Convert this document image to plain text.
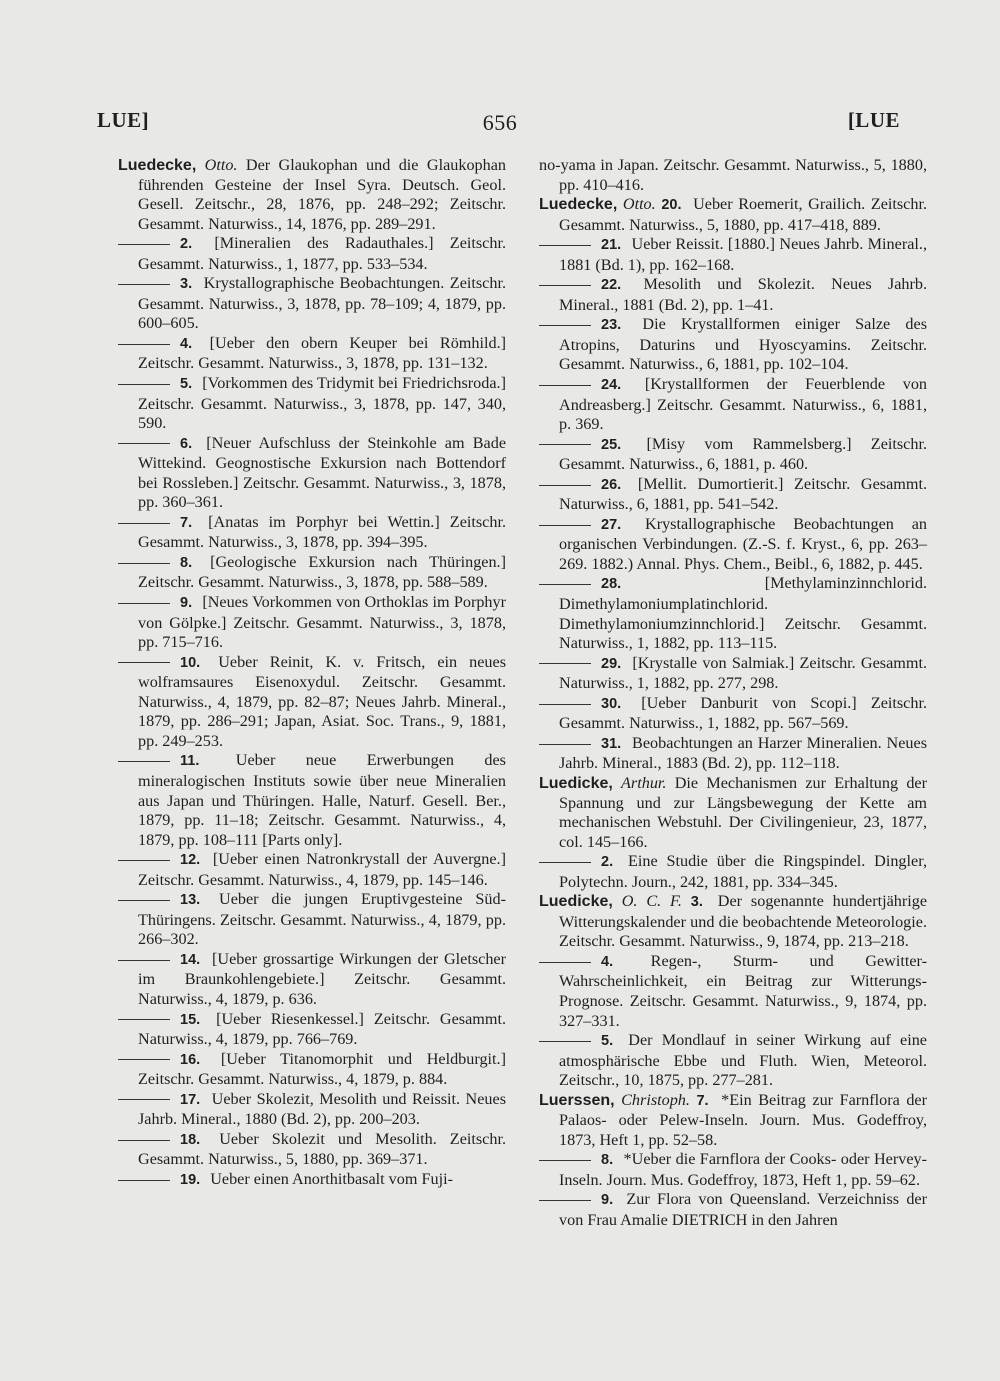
LUE]	656	[LUE

Luedecke, Otto. Der Glaukophan und die Glaukophan führenden Gesteine der Insel Syra. Deutsch. Geol. Gesell. Zeitschr., 28, 1876, pp. 248–292; Zeitschr. Gesammt. Naturwiss., 14, 1876, pp. 289–291.

2. [Mineralien des Radauthales.] Zeitschr. Gesammt. Naturwiss., 1, 1877, pp. 533–534.

3. Krystallographische Beobachtungen. Zeitschr. Gesammt. Naturwiss., 3, 1878, pp. 78–109; 4, 1879, pp. 600–605.

4. [Ueber den obern Keuper bei Römhild.] Zeitschr. Gesammt. Naturwiss., 3, 1878, pp. 131–132.

5. [Vorkommen des Tridymit bei Friedrichsroda.] Zeitschr. Gesammt. Naturwiss., 3, 1878, pp. 147, 340, 590.

6. [Neuer Aufschluss der Steinkohle am Bade Wittekind. Geognostische Exkursion nach Bottendorf bei Rossleben.] Zeitschr. Gesammt. Naturwiss., 3, 1878, pp. 360–361.

7. [Anatas im Porphyr bei Wettin.] Zeitschr. Gesammt. Naturwiss., 3, 1878, pp. 394–395.

8. [Geologische Exkursion nach Thüringen.] Zeitschr. Gesammt. Naturwiss., 3, 1878, pp. 588–589.

9. [Neues Vorkommen von Orthoklas im Porphyr von Gölpke.] Zeitschr. Gesammt. Naturwiss., 3, 1878, pp. 715–716.

10. Ueber Reinit, K. v. Fritsch, ein neues wolframsaures Eisenoxydul. Zeitschr. Gesammt. Naturwiss., 4, 1879, pp. 82–87; Neues Jahrb. Mineral., 1879, pp. 286–291; Japan, Asiat. Soc. Trans., 9, 1881, pp. 249–253.

11. Ueber neue Erwerbungen des mineralogischen Instituts sowie über neue Mineralien aus Japan und Thüringen. Halle, Naturf. Gesell. Ber., 1879, pp. 11–18; Zeitschr. Gesammt. Naturwiss., 4, 1879, pp. 108–111 [Parts only].

12. [Ueber einen Natronkrystall der Auvergne.] Zeitschr. Gesammt. Naturwiss., 4, 1879, pp. 145–146.

13. Ueber die jungen Eruptivgesteine Süd-Thüringens. Zeitschr. Gesammt. Naturwiss., 4, 1879, pp. 266–302.

14. [Ueber grossartige Wirkungen der Gletscher im Braunkohlengebiete.] Zeitschr. Gesammt. Naturwiss., 4, 1879, p. 636.

15. [Ueber Riesenkessel.] Zeitschr. Gesammt. Naturwiss., 4, 1879, pp. 766–769.

16. [Ueber Titanomorphit und Heldburgit.] Zeitschr. Gesammt. Naturwiss., 4, 1879, p. 884.

17. Ueber Skolezit, Mesolith und Reissit. Neues Jahrb. Mineral., 1880 (Bd. 2), pp. 200–203.

18. Ueber Skolezit und Mesolith. Zeitschr. Gesammt. Naturwiss., 5, 1880, pp. 369–371.

19. Ueber einen Anorthitbasalt vom Fuji-

no-yama in Japan. Zeitschr. Gesammt. Naturwiss., 5, 1880, pp. 410–416.

Luedecke, Otto. 20. Ueber Roemerit, Grailich. Zeitschr. Gesammt. Naturwiss., 5, 1880, pp. 417–418, 889.

21. Ueber Reissit. [1880.] Neues Jahrb. Mineral., 1881 (Bd. 1), pp. 162–168.

22. Mesolith und Skolezit. Neues Jahrb. Mineral., 1881 (Bd. 2), pp. 1–41.

23. Die Krystallformen einiger Salze des Atropins, Daturins und Hyoscyamins. Zeitschr. Gesammt. Naturwiss., 6, 1881, pp. 102–104.

24. [Krystallformen der Feuerblende von Andreasberg.] Zeitschr. Gesammt. Naturwiss., 6, 1881, p. 369.

25. [Misy vom Rammelsberg.] Zeitschr. Gesammt. Naturwiss., 6, 1881, p. 460.

26. [Mellit. Dumortierit.] Zeitschr. Gesammt. Naturwiss., 6, 1881, pp. 541–542.

27. Krystallographische Beobachtungen an organischen Verbindungen. (Z.-S. f. Kryst., 6, pp. 263–269. 1882.) Annal. Phys. Chem., Beibl., 6, 1882, p. 445.

28.	[Methylaminzinnchlorid. Dimethylamoniumplatinchlorid. Dimethylamoniumzinnchlorid.] Zeitschr. Gesammt. Naturwiss., 1, 1882, pp. 113–115.

29. [Krystalle von Salmiak.] Zeitschr. Gesammt. Naturwiss., 1, 1882, pp. 277, 298.

30. [Ueber Danburit von Scopi.] Zeitschr. Gesammt. Naturwiss., 1, 1882, pp. 567–569.

31. Beobachtungen an Harzer Mineralien. Neues Jahrb. Mineral., 1883 (Bd. 2), pp. 112–118.

Luedicke, Arthur. Die Mechanismen zur Erhaltung der Spannung und zur Längsbewegung der Kette am mechanischen Webstuhl. Der Civilingenieur, 23, 1877, col. 145–166.

2. Eine Studie über die Ringspindel. Dingler, Polytechn. Journ., 242, 1881, pp. 334–345.

Luedicke, O. C. F. 3. Der sogenannte hundertjährige Witterungskalender und die beobachtende Meteorologie. Zeitschr. Gesammt. Naturwiss., 9, 1874, pp. 213–218.

4. Regen-, Sturm- und Gewitter-Wahrscheinlichkeit, ein Beitrag zur Witterungs-Prognose. Zeitschr. Gesammt. Naturwiss., 9, 1874, pp. 327–331.

5. Der Mondlauf in seiner Wirkung auf eine atmosphärische Ebbe und Fluth. Wien, Meteorol. Zeitschr., 10, 1875, pp. 277–281.

Luerssen, Christoph. 7. *Ein Beitrag zur Farnflora der Palaos- oder Pelew-Inseln. Journ. Mus. Godeffroy, 1873, Heft 1, pp. 52–58.

8. *Ueber die Farnflora der Cooks- oder Hervey-Inseln. Journ. Mus. Godeffroy, 1873, Heft 1, pp. 59–62.

9. Zur Flora von Queensland. Verzeichniss der von Frau Amalie DIETRICH in den Jahren
